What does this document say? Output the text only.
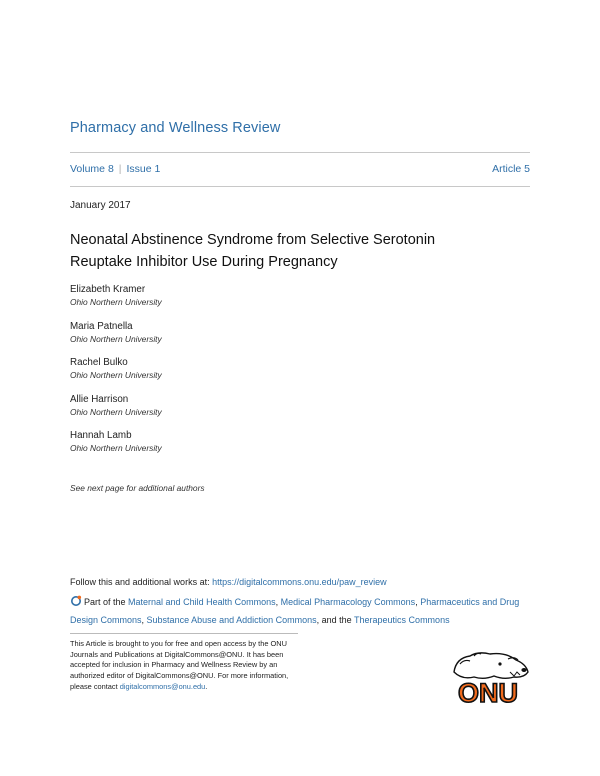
Pharmacy and Wellness Review
Volume 8 | Issue 1	Article 5
January 2017
Neonatal Abstinence Syndrome from Selective Serotonin
Reuptake Inhibitor Use During Pregnancy
Elizabeth Kramer
Ohio Northern University
Maria Patnella
Ohio Northern University
Rachel Bulko
Ohio Northern University
Allie Harrison
Ohio Northern University
Hannah Lamb
Ohio Northern University
See next page for additional authors
Follow this and additional works at: https://digitalcommons.onu.edu/paw_review
Part of the Maternal and Child Health Commons, Medical Pharmacology Commons, Pharmaceutics and Drug Design Commons, Substance Abuse and Addiction Commons, and the Therapeutics Commons
This Article is brought to you for free and open access by the ONU Journals and Publications at DigitalCommons@ONU. It has been accepted for inclusion in Pharmacy and Wellness Review by an authorized editor of DigitalCommons@ONU. For more information, please contact digitalcommons@onu.edu.	ONU
